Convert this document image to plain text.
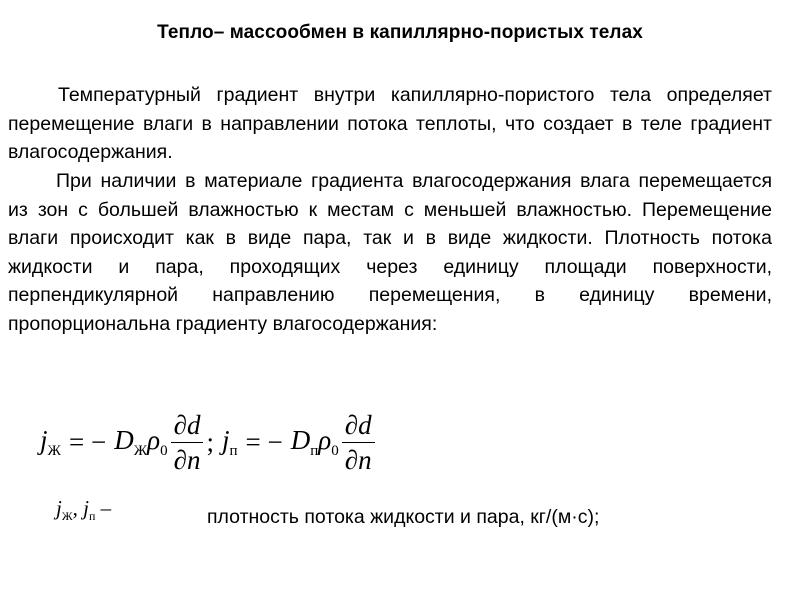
Тепло– массообмен в капиллярно-пористых телах
Температурный градиент внутри капиллярно-пористого тела определяет перемещение влаги в направлении потока теплоты, что создает в теле градиент влагосодержания.
При наличии в материале градиента влагосодержания влага перемещается из зон с большей влажностью к местам с меньшей влажностью. Перемещение влаги происходит как в виде пара, так и в виде жидкости. Плотность потока жидкости и пара, проходящих через единицу площади поверхности, перпендикулярной направлению перемещения, в единицу времени, пропорциональна градиенту влагосодержания:
$j_Ж$ = − $D_Ж$ $\rho_0 \frac{\partial d}{\partial n}$ ; $j_п$ = − $D_п$ $\rho_0 \frac{\partial d}{\partial n}$
$j_Ж$, $j_п$ –	плотность потока жидкости и пара, кг/(м·с);
